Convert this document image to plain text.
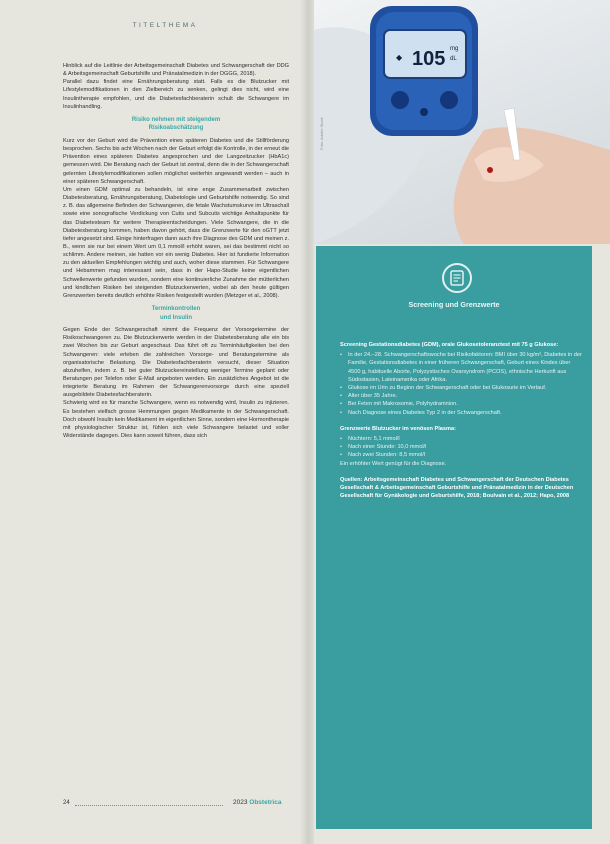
TITELTHEMA

Hinblick auf die Leitlinie der Arbeitsgemeinschaft Diabetes und Schwangerschaft der DDG & Arbeitsgemeinschaft Geburtshilfe und Pränatalmedizin in der DGGG, 2018).

Parallel dazu findet eine Ernährungsberatung statt. Falls es die Blutzucker mit Lifestylemodifikationen in den Zielbereich zu senken, gelingt dies nicht, wird eine Insulintherapie empfohlen, und die Diabetesfachberaterin schult die Schwangere im Insulinhandling.

Risiko nehmen mit steigendem
Risikoabschätzung

Kurz vor der Geburt wird die Prävention eines späteren Diabetes und die Stillförderung besprochen. Sechs bis acht Wochen nach der Geburt erfolgt die Kontrolle, in der erneut die Prävention eines späteren Diabetes angesprochen und der Langzeitzucker (HbA1c) gemessen wird. Die Beratung nach der Geburt ist zentral, denn die in der Schwangerschaft gelernten Lifestylemodifikationen sollen möglichst weiterhin angewandt werden – auch in einer späteren Schwangerschaft.

Um einen GDM optimal zu behandeln, ist eine enge Zusammenarbeit zwischen Diabetesberatung, Ernährungsberatung, Diabetologie und Geburtshilfe notwendig. So sind z. B. das allgemeine Befinden der Schwangeren, die fetale Wachstumskurve im Ultraschall sowie eine sonografische Verdickung von Cutis und Subcutis wichtige Anhaltspunkte für das Diabetesteam für weitere Therapieentscheidungen. Viele Schwangere, die in die Diabetesberatung kommen, haben davon gehört, dass die Grenzwerte für den oGTT jetzt tiefer angesetzt sind. Einige hinterfragen dann auch ihre Diagnose des GDM und meinen z. B., wenn sie nur bei einem Wert um 0,1 mmol/l erhöht waren, sei das bestimmt nicht so schlimm. Andere meinen, sie hatten vor ein wenig Diabetes. Hier ist fundierte Information zu den aktuellen Empfehlungen wichtig und auch, woher diese stammen. Für Schwangere und Hebammen mag interessant sein, dass in der Hapo-Studie keine eigentlichen Schwellenwerte gefunden wurden, sondern eine kontinuierliche Zunahme der mütterlichen und kindlichen Risiken bei steigenden Blutzuckerwerten, wobei ab den heute gültigen Grenzwerten bereits deutlich erhöhte Risiken festgestellt wurden (Metzger et al., 2008).

Terminkontrollen
und Insulin

Gegen Ende der Schwangerschaft nimmt die Frequenz der Vorsorgetermine der Risikoschwangeren zu. Die Blutzuckerwerte werden in der Diabetesberatung alle ein bis zwei Wochen bis zur Geburt angeschaut. Das führt oft zu Terminhäufigkeiten bei den Schwangeren: viele erleben die zahlreichen Vorsorge- und Beratungstermine als organisatorische Belastung. Die Diabetesfachberaterin versucht, dieser Situation abzuhelfen, indem z. B. bei guter Blutzuckereinstellung weniger Termine geplant oder Beratungen per Telefon oder E-Mail angeboten werden. Ein zusätzliches Angebot ist die integrierte Beratung im Rahmen der Schwangerenvorsorge durch eine speziell ausgebildete Diabetesfachberaterin.

Schwierig wird es für manche Schwangere, wenn es notwendig wird, Insulin zu injizieren. Es bestehen vielfach grosse Hemmungen gegen Medikamente in der Schwangerschaft. Doch obwohl Insulin kein Medikament im eigentlichen Sinne, sondern eine Hormontherapie mit physiologischer Struktur ist, fühlen sich viele Schwangere belastet und voller Widerstände dagegen. Dies kann soweit führen, dass sich

24	2023 Obstetrica
105 mg
dL
◆
Foto: Adobe Stock
Screening und Grenzwerte

Screening Gestationsdiabetes (GDM), orale Glukosetoleranztest mit 75 g Glukose:

• In der 24.–28. Schwangerschaftswoche bei Risikofaktoren: BMI über 30 kg/m², Diabetes in der Familie, Gestationsdiabetes in einer früheren Schwangerschaft, Geburt eines Kindes über 4500 g, habituelle Aborte, Polyzystisches Ovarsyndrom (PCOS), ethnische Herkunft aus Südostasien, Lateinamerika oder Afrika.
• Glukose im Urin zu Beginn der Schwangerschaft oder bei Glukosurie im Verlauf.
• Alter über 35 Jahre.
• Bei Feten mit Makrosomie, Polyhydramnion.
• Nach Diagnose eines Diabetes Typ 2 in der Schwangerschaft.

Grenzwerte Blutzucker im venösen Plasma:

• Nüchtern: 5,1 mmol/l
• Nach einer Stunde: 10,0 mmol/l
• Nach zwei Stunden: 8,5 mmol/l

Ein erhöhter Wert genügt für die Diagnose.

Quellen: Arbeitsgemeinschaft Diabetes und Schwangerschaft der Deutschen Diabetes Gesellschaft & Arbeitsgemeinschaft Geburtshilfe und Pränatalmedizin in der Deutschen Gesellschaft für Gynäkologie und Geburtshilfe, 2018; Boulvain et al., 2012; Hapo, 2008
